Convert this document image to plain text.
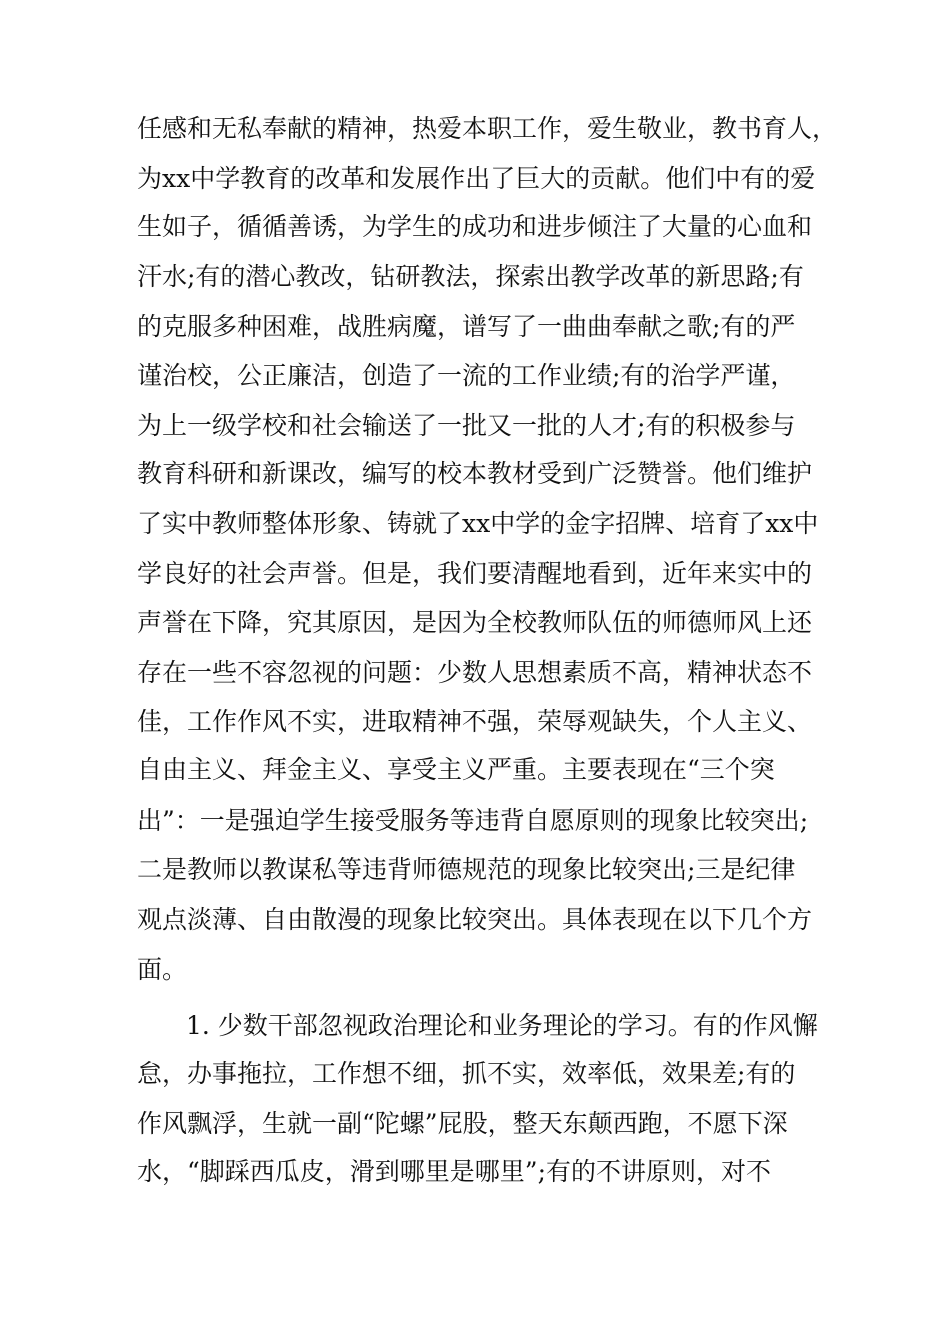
任感和无私奉献的精神，热爱本职工作，爱生敬业，教书育人，
为xx中学教育的改革和发展作出了巨大的贡献。他们中有的爱
生如子，循循善诱，为学生的成功和进步倾注了大量的心血和
汗水;有的潜心教改，钻研教法，探索出教学改革的新思路;有
的克服多种困难，战胜病魔，谱写了一曲曲奉献之歌;有的严
谨治校，公正廉洁，创造了一流的工作业绩;有的治学严谨，
为上一级学校和社会输送了一批又一批的人才;有的积极参与
教育科研和新课改，编写的校本教材受到广泛赞誉。他们维护
了实中教师整体形象、铸就了xx中学的金字招牌、培育了xx中
学良好的社会声誉。但是，我们要清醒地看到，近年来实中的
声誉在下降，究其原因，是因为全校教师队伍的师德师风上还
存在一些不容忽视的问题：少数人思想素质不高，精神状态不
佳，工作作风不实，进取精神不强，荣辱观缺失，个人主义、
自由主义、拜金主义、享受主义严重。主要表现在“三个突
出”：一是强迫学生接受服务等违背自愿原则的现象比较突出;
二是教师以教谋私等违背师德规范的现象比较突出;三是纪律
观点淡薄、自由散漫的现象比较突出。具体表现在以下几个方
面。
1. 少数干部忽视政治理论和业务理论的学习。有的作风懈
怠，办事拖拉，工作想不细，抓不实，效率低，效果差;有的
作风飘浮，生就一副“陀螺”屁股，整天东颠西跑，不愿下深
水，“脚踩西瓜皮，滑到哪里是哪里”;有的不讲原则，对不
